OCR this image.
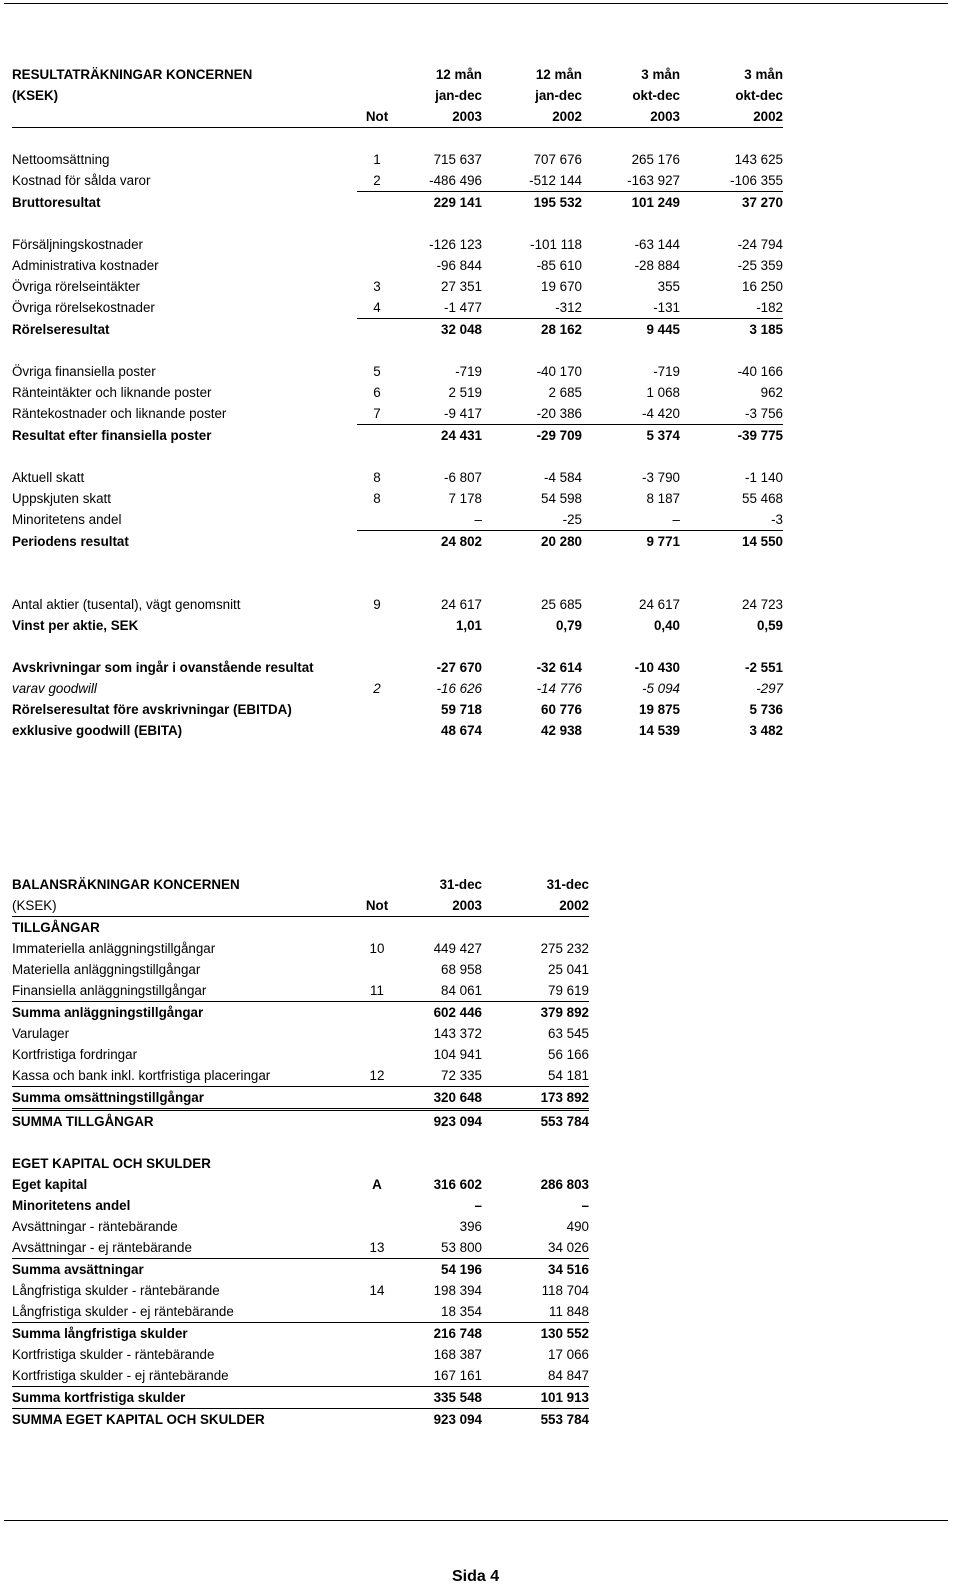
RESULTATRÄKNINGAR KONCERNEN		12 mån	12 mån	3 mån	3 mån
(KSEK)		jan-dec	jan-dec	okt-dec	okt-dec
	Not	2003	2002	2003	2002

Nettoomsättning	1	715 637	707 676	265 176	143 625
Kostnad för sålda varor	2	-486 496	-512 144	-163 927	-106 355
Bruttoresultat		229 141	195 532	101 249	37 270

Försäljningskostnader		-126 123	-101 118	-63 144	-24 794
Administrativa kostnader		-96 844	-85 610	-28 884	-25 359
Övriga rörelseintäkter	3	27 351	19 670	355	16 250
Övriga rörelsekostnader	4	-1 477	-312	-131	-182
Rörelseresultat		32 048	28 162	9 445	3 185

Övriga finansiella poster	5	-719	-40 170	-719	-40 166
Ränteintäkter och liknande poster	6	2 519	2 685	1 068	962
Räntekostnader och liknande poster	7	-9 417	-20 386	-4 420	-3 756
Resultat efter finansiella poster		24 431	-29 709	5 374	-39 775

Aktuell skatt	8	-6 807	-4 584	-3 790	-1 140
Uppskjuten skatt	8	7 178	54 598	8 187	55 468
Minoritetens andel		–	-25	–	-3
Periodens resultat		24 802	20 280	9 771	14 550

Antal aktier (tusental), vägt genomsnitt	9	24 617	25 685	24 617	24 723
Vinst per aktie, SEK		1,01	0,79	0,40	0,59

Avskrivningar som ingår i ovanstående resultat		-27 670	-32 614	-10 430	-2 551
varav goodwill	2	-16 626	-14 776	-5 094	-297
Rörelseresultat före avskrivningar (EBITDA)		59 718	60 776	19 875	5 736
exklusive goodwill (EBITA)		48 674	42 938	14 539	3 482
BALANSRÄKNINGAR KONCERNEN		31-dec	31-dec
(KSEK)	Not	2003	2002
TILLGÅNGAR			
Immateriella anläggningstillgångar	10	449 427	275 232
Materiella anläggningstillgångar		68 958	25 041
Finansiella anläggningstillgångar	11	84 061	79 619
Summa anläggningstillgångar		602 446	379 892
Varulager		143 372	63 545
Kortfristiga fordringar		104 941	56 166
Kassa och bank inkl. kortfristiga placeringar	12	72 335	54 181
Summa omsättningstillgångar		320 648	173 892
SUMMA TILLGÅNGAR		923 094	553 784

EGET KAPITAL OCH SKULDER			
Eget kapital	A	316 602	286 803
Minoritetens andel		–	–
Avsättningar - räntebärande		396	490
Avsättningar - ej räntebärande	13	53 800	34 026
Summa avsättningar		54 196	34 516
Långfristiga skulder - räntebärande	14	198 394	118 704
Långfristiga skulder - ej räntebärande		18 354	11 848
Summa långfristiga skulder		216 748	130 552
Kortfristiga skulder - räntebärande		168 387	17 066
Kortfristiga skulder - ej räntebärande		167 161	84 847
Summa kortfristiga skulder		335 548	101 913
SUMMA EGET KAPITAL OCH SKULDER		923 094	553 784
Sida 4
